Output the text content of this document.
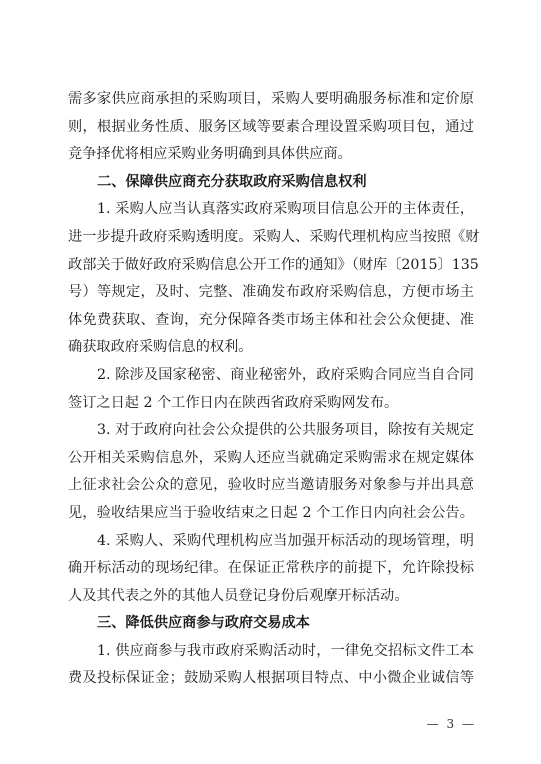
需多家供应商承担的采购项目，采购人要明确服务标准和定价原
则，根据业务性质、服务区域等要素合理设置采购项目包，通过
竞争择优将相应采购业务明确到具体供应商。
二、保障供应商充分获取政府采购信息权利
1. 采购人应当认真落实政府采购项目信息公开的主体责任，
进一步提升政府采购透明度。采购人、采购代理机构应当按照《财
政部关于做好政府采购信息公开工作的通知》（财库〔2015〕135
号）等规定，及时、完整、准确发布政府采购信息，方便市场主
体免费获取、查询，充分保障各类市场主体和社会公众便捷、准
确获取政府采购信息的权利。
2. 除涉及国家秘密、商业秘密外，政府采购合同应当自合同
签订之日起 2 个工作日内在陕西省政府采购网发布。
3. 对于政府向社会公众提供的公共服务项目，除按有关规定
公开相关采购信息外，采购人还应当就确定采购需求在规定媒体
上征求社会公众的意见，验收时应当邀请服务对象参与并出具意
见，验收结果应当于验收结束之日起 2 个工作日内向社会公告。
4. 采购人、采购代理机构应当加强开标活动的现场管理，明
确开标活动的现场纪律。在保证正常秩序的前提下，允许除投标
人及其代表之外的其他人员登记身份后观摩开标活动。
三、降低供应商参与政府交易成本
1. 供应商参与我市政府采购活动时，一律免交招标文件工本
费及投标保证金；鼓励采购人根据项目特点、中小微企业诚信等
— 3 —
